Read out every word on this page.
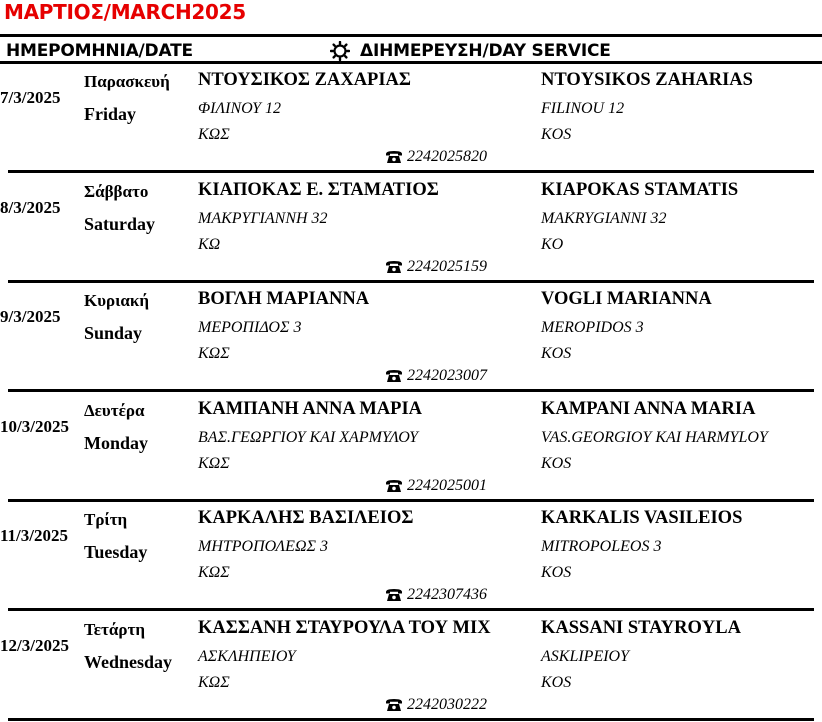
ΜΑΡΤΙΟΣ/MARCH2025
ΗΜΕΡΟΜΗΝΙΑ/DATE	ΔΙΗΜΕΡΕΥΣΗ/DAY SERVICE
7/3/2025
Παρασκευή
Friday
ΝΤΟΥΣΙΚΟΣ ΖΑΧΑΡΙΑΣ	NTOYSIKOS ZAHARIAS
ΦΙΛΙΝΟΥ 12	FILINOU 12
ΚΩΣ	KOS
2242025820
8/3/2025
Σάββατο
Saturday
ΚΙΑΠΟΚΑΣ Ε. ΣΤΑΜΑΤΙΟΣ	KIAPOKAS STAMATIS
ΜΑΚΡΥΓΙΑΝΝΗ 32	MAKRYGIANNI 32
ΚΩ	KO
2242025159
9/3/2025
Κυριακή
Sunday
ΒΟΓΛΗ ΜΑΡΙΑΝΝΑ	VOGLI MARIANNA
ΜΕΡΟΠΙΔΟΣ 3	MEROPIDOS 3
ΚΩΣ	KOS
2242023007
10/3/2025
Δευτέρα
Monday
ΚΑΜΠΑΝΗ ΑΝΝΑ ΜΑΡΙΑ	KAMPANI ANNA MARIA
ΒΑΣ.ΓΕΩΡΓΙΟΥ ΚΑΙ ΧΑΡΜΥΛΟΥ	VAS.GEORGIOY KAI HARMYLOY
ΚΩΣ	KOS
2242025001
11/3/2025
Τρίτη
Tuesday
ΚΑΡΚΑΛΗΣ ΒΑΣΙΛΕΙΟΣ	KARKALIS VASILEIOS
ΜΗΤΡΟΠΟΛΕΩΣ 3	MITROPOLEOS 3
ΚΩΣ	KOS
2242307436
12/3/2025
Τετάρτη
Wednesday
ΚΑΣΣΑΝΗ ΣΤΑΥΡΟΥΛΑ ΤΟΥ ΜΙΧ	KASSANI STAYROYLA
ΑΣΚΛΗΠΕΙΟΥ	ASKLIPEIOY
ΚΩΣ	KOS
2242030222
